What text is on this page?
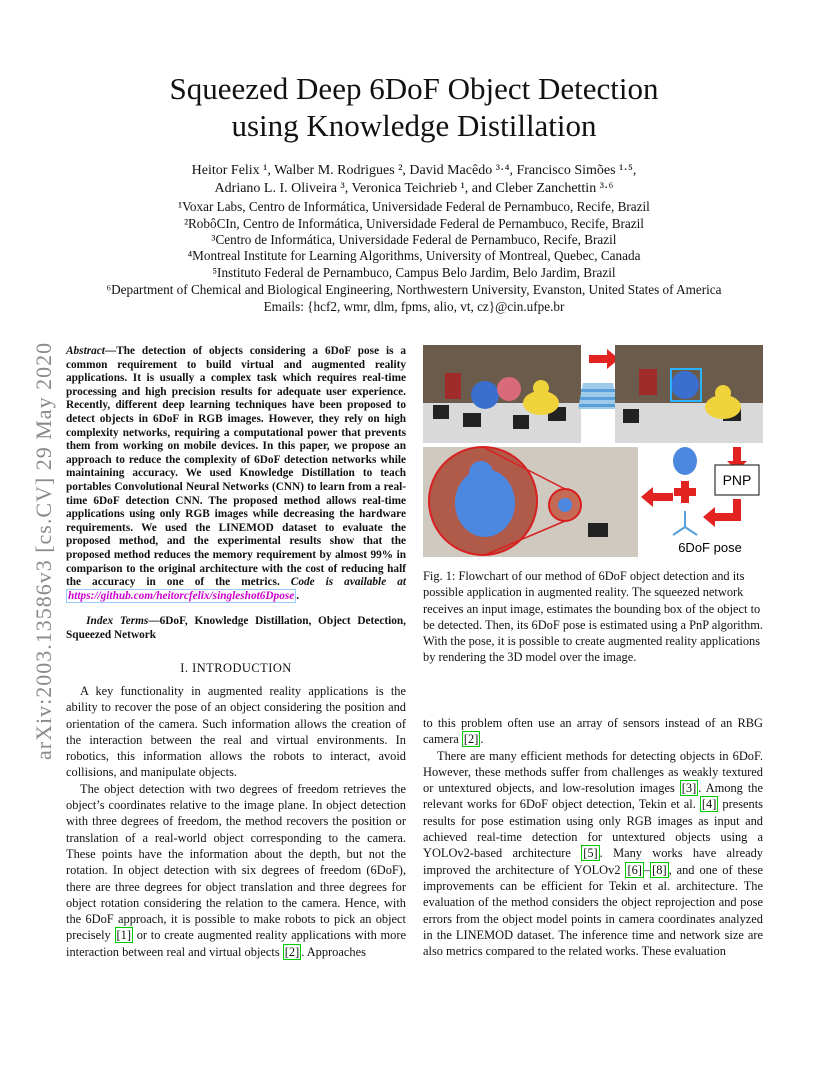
arXiv:2003.13586v3 [cs.CV] 29 May 2020
Squeezed Deep 6DoF Object Detection
using Knowledge Distillation
Heitor Felix ¹, Walber M. Rodrigues ², David Macêdo ³·⁴, Francisco Simões ¹·⁵,
Adriano L. I. Oliveira ³, Veronica Teichrieb ¹, and Cleber Zanchettin ³·⁶
¹Voxar Labs, Centro de Informática, Universidade Federal de Pernambuco, Recife, Brazil
²RobôCIn, Centro de Informática, Universidade Federal de Pernambuco, Recife, Brazil
³Centro de Informática, Universidade Federal de Pernambuco, Recife, Brazil
⁴Montreal Institute for Learning Algorithms, University of Montreal, Quebec, Canada
⁵Instituto Federal de Pernambuco, Campus Belo Jardim, Belo Jardim, Brazil
⁶Department of Chemical and Biological Engineering, Northwestern University, Evanston, United States of America
Emails: {hcf2, wmr, dlm, fpms, alio, vt, cz}@cin.ufpe.br
Abstract—The detection of objects considering a 6DoF pose is a common requirement to build virtual and augmented reality applications. It is usually a complex task which requires real-time processing and high precision results for adequate user experience. Recently, different deep learning techniques have been proposed to detect objects in 6DoF in RGB images. However, they rely on high complexity networks, requiring a computational power that prevents them from working on mobile devices. In this paper, we propose an approach to reduce the complexity of 6DoF detection networks while maintaining accuracy. We used Knowledge Distillation to teach portables Convolutional Neural Networks (CNN) to learn from a real-time 6DoF detection CNN. The proposed method allows real-time applications using only RGB images while decreasing the hardware requirements. We used the LINEMOD dataset to evaluate the proposed method, and the experimental results show that the proposed method reduces the memory requirement by almost 99% in comparison to the original architecture with the cost of reducing half the accuracy in one of the metrics. Code is available at https://github.com/heitorcfelix/singleshot6Dpose .
Index Terms—6DoF, Knowledge Distillation, Object Detection, Squeezed Network
I. INTRODUCTION
A key functionality in augmented reality applications is the ability to recover the pose of an object considering the position and orientation of the camera. Such information allows the creation of the interaction between the real and virtual environments. In robotics, this information allows the robots to interact, avoid collisions, and manipulate objects.
The object detection with two degrees of freedom retrieves the object’s coordinates relative to the image plane. In object detection with three degrees of freedom, the method recovers the position or translation of a real-world object corresponding to the camera. These points have the information about the depth, but not the rotation. In object detection with six degrees of freedom (6DoF), there are three degrees for object translation and three degrees for object rotation considering the relation to the camera. Hence, with the 6DoF approach, it is possible to make robots to pick an object precisely [1] or to create augmented reality applications with more interaction between real and virtual objects [2] . Approaches
PNP
6DoF pose
Fig. 1: Flowchart of our method of 6DoF object detection and its possible application in augmented reality. The squeezed network receives an input image, estimates the bounding box of the object to be detected. Then, its 6DoF pose is estimated using a PnP algorithm. With the pose, it is possible to create augmented reality applications by rendering the 3D model over the image.
to this problem often use an array of sensors instead of an RBG camera [2] .
There are many efficient methods for detecting objects in 6DoF. However, these methods suffer from challenges as weakly textured or untextured objects, and low-resolution images [3] . Among the relevant works for 6DoF object detection, Tekin et al. [4] presents results for pose estimation using only RGB images as input and achieved real-time detection for untextured objects using a YOLOv2-based architecture [5] . Many works have already improved the architecture of YOLOv2 [6] – [8] , and one of these improvements can be efficient for Tekin et al. architecture. The evaluation of the method considers the object reprojection and pose errors from the object model points in camera coordinates analyzed in the LINEMOD dataset. The inference time and network size are also metrics compared to the related works. These evaluation
